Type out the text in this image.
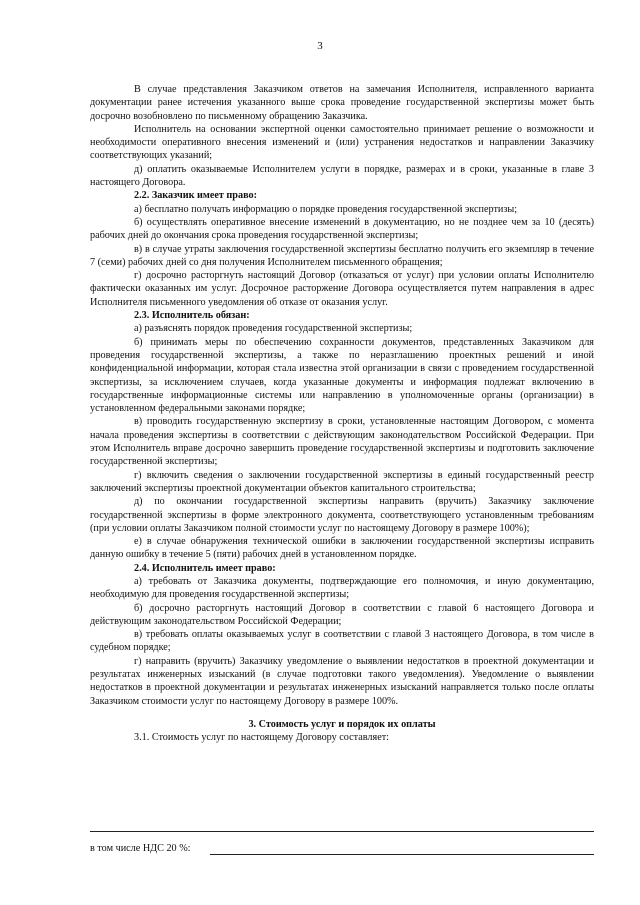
3

В случае представления Заказчиком ответов на замечания Исполнителя, исправленного варианта документации ранее истечения указанного выше срока проведение государственной экспертизы может быть досрочно возобновлено по письменному обращению Заказчика.

Исполнитель на основании экспертной оценки самостоятельно принимает решение о возможности и необходимости оперативного внесения изменений и (или) устранения недостатков и направлении Заказчику соответствующих указаний;

д) оплатить оказываемые Исполнителем услуги в порядке, размерах и в сроки, указанные в главе 3 настоящего Договора.

2.2. Заказчик имеет право:

а) бесплатно получать информацию о порядке проведения государственной экспертизы;

б) осуществлять оперативное внесение изменений в документацию, но не позднее чем за 10 (десять) рабочих дней до окончания срока проведения государственной экспертизы;

в) в случае утраты заключения государственной экспертизы бесплатно получить его экземпляр в течение 7 (семи) рабочих дней со дня получения Исполнителем письменного обращения;

г) досрочно расторгнуть настоящий Договор (отказаться от услуг) при условии оплаты Исполнителю фактически оказанных им услуг. Досрочное расторжение Договора осуществляется путем направления в адрес Исполнителя письменного уведомления об отказе от оказания услуг.

2.3. Исполнитель обязан:

а) разъяснять порядок проведения государственной экспертизы;

б) принимать меры по обеспечению сохранности документов, представленных Заказчиком для проведения государственной экспертизы, а также по неразглашению проектных решений и иной конфиденциальной информации, которая стала известна этой организации в связи с проведением государственной экспертизы, за исключением случаев, когда указанные документы и информация подлежат включению в государственные информационные системы или направлению в уполномоченные органы (организации) в установленном федеральными законами порядке;

в) проводить государственную экспертизу в сроки, установленные настоящим Договором, с момента начала проведения экспертизы в соответствии с действующим законодательством Российской Федерации. При этом Исполнитель вправе досрочно завершить проведение государственной экспертизы и подготовить заключение государственной экспертизы;

г) включить сведения о заключении государственной экспертизы в единый государственный реестр заключений экспертизы проектной документации объектов капитального строительства;

д) по окончании государственной экспертизы направить (вручить) Заказчику заключение государственной экспертизы в форме электронного документа, соответствующего установленным требованиям (при условии оплаты Заказчиком полной стоимости услуг по настоящему Договору в размере 100%);

е) в случае обнаружения технической ошибки в заключении государственной экспертизы исправить данную ошибку в течение 5 (пяти) рабочих дней в установленном порядке.

2.4. Исполнитель имеет право:

а) требовать от Заказчика документы, подтверждающие его полномочия, и иную документацию, необходимую для проведения государственной экспертизы;

б) досрочно расторгнуть настоящий Договор в соответствии с главой 6 настоящего Договора и действующим законодательством Российской Федерации;

в) требовать оплаты оказываемых услуг в соответствии с главой 3 настоящего Договора, в том числе в судебном порядке;

г) направить (вручить) Заказчику уведомление о выявлении недостатков в проектной документации и результатах инженерных изысканий (в случае подготовки такого уведомления). Уведомление о выявлении недостатков в проектной документации и результатах инженерных изысканий направляется только после оплаты Заказчиком стоимости услуг по настоящему Договору в размере 100%.

3. Стоимость услуг и порядок их оплаты

3.1. Стоимость услуг по настоящему Договору составляет:

в том числе НДС 20 %:
